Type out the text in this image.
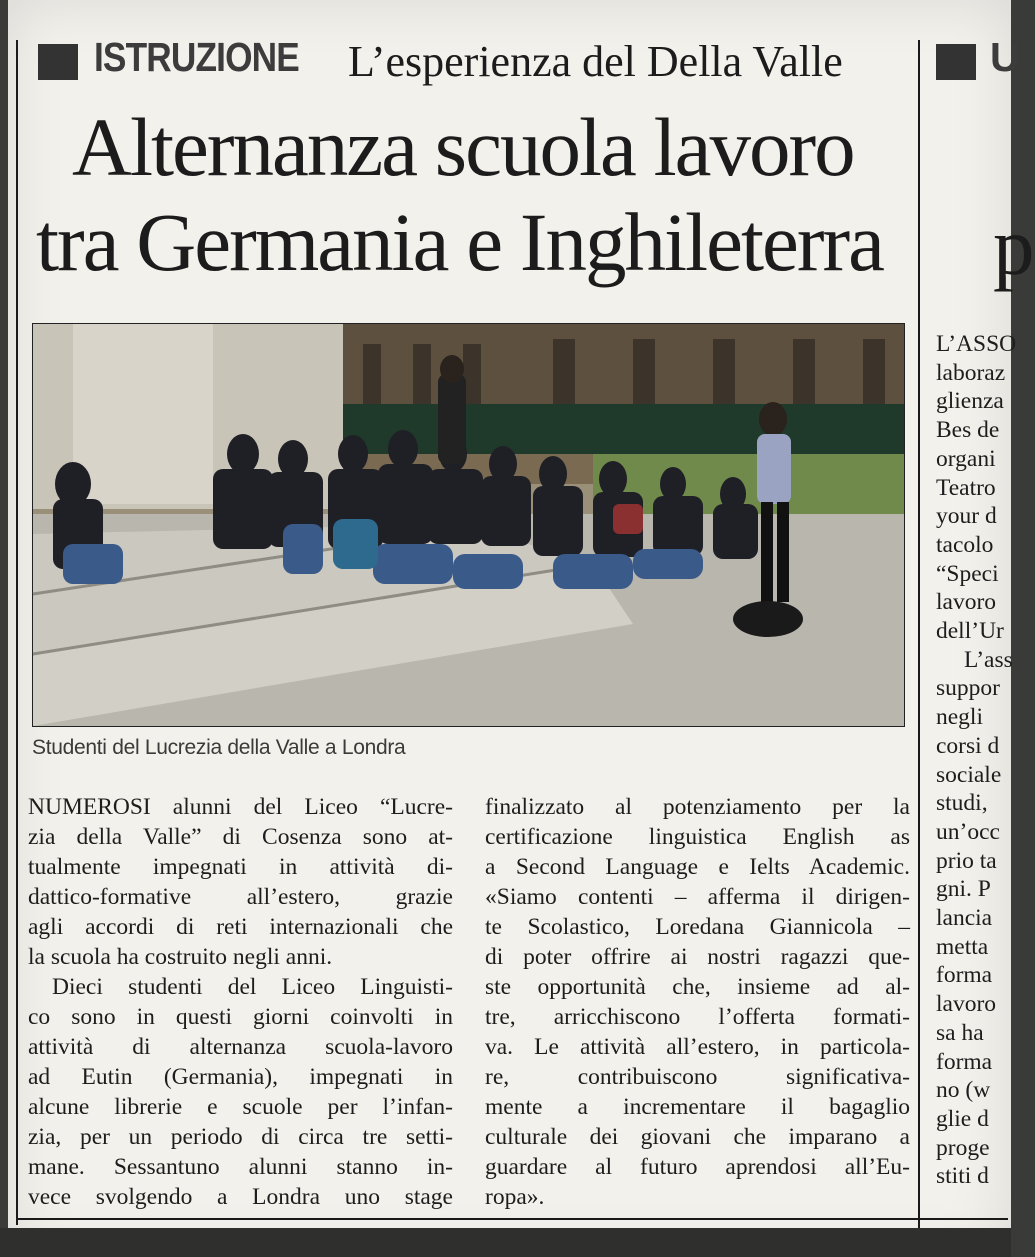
ISTRUZIONE L’esperienza del Della Valle
Alternanza scuola lavoro
tra Germania e Inghileterra
Studenti del Lucrezia della Valle a Londra
NUMEROSI alunni del Liceo “Lucre-
zia della Valle” di Cosenza sono at-
tualmente impegnati in attività di-
dattico-formative all’estero, grazie
agli accordi di reti internazionali che
la scuola ha costruito negli anni.
Dieci studenti del Liceo Linguisti-
co sono in questi giorni coinvolti in
attività di alternanza scuola-lavoro
ad Eutin (Germania), impegnati in
alcune librerie e scuole per l’infan-
zia, per un periodo di circa tre setti-
mane. Sessantuno alunni stanno in-
vece svolgendo a Londra uno stage
finalizzato al potenziamento per la
certificazione linguistica English as
a Second Language e Ielts Academic.
«Siamo contenti – afferma il dirigen-
te Scolastico, Loredana Giannicola –
di poter offrire ai nostri ragazzi que-
ste opportunità che, insieme ad al-
tre, arricchiscono l’offerta formati-
va. Le attività all’estero, in particola-
re, contribuiscono significativa-
mente a incrementare il bagaglio
culturale dei giovani che imparano a
guardare al futuro aprendosi all’Eu-
ropa».
U
p
L’ASSO
laboraz
glienza
Bes de
organi
Teatro
your d
tacolo
“Speci
lavoro
dell’Ur
L’ass
suppor
negli
corsi d
sociale
studi,
un’occ
prio ta
gni. P
lancia
metta
forma
lavoro
sa ha
forma
no (w
glie d
proge
stiti d
